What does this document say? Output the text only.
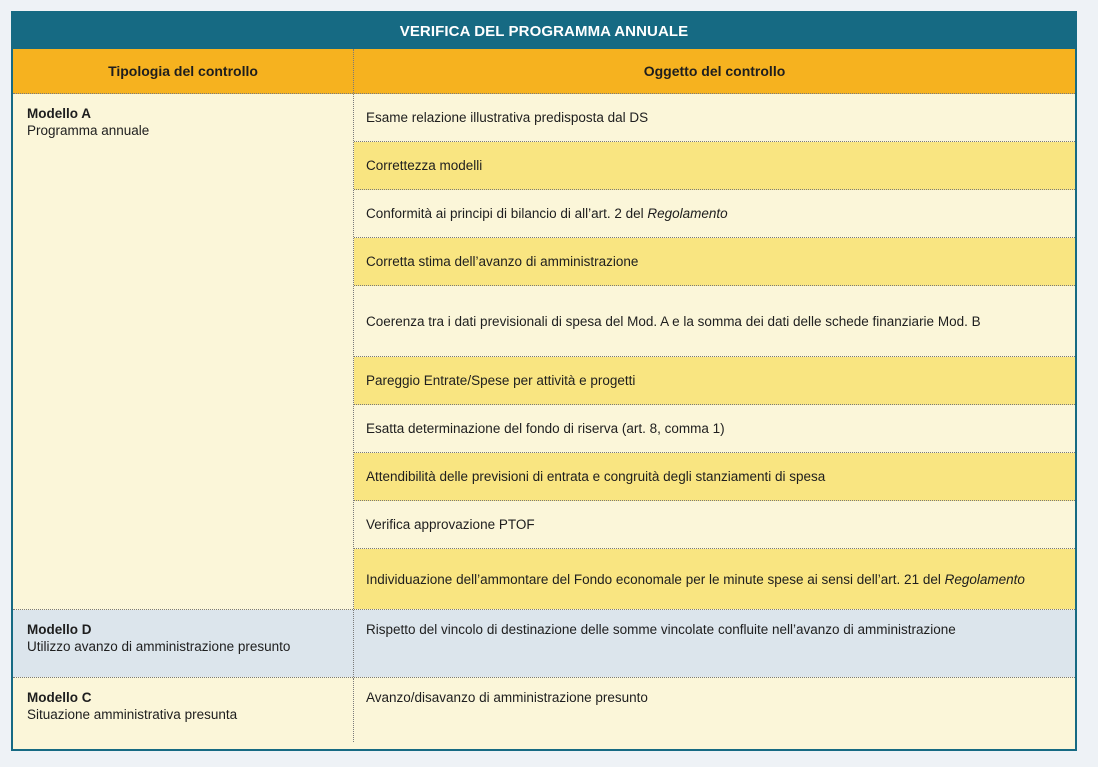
VERIFICA DEL PROGRAMMA ANNUALE
Tipologia del controllo	Oggetto del controllo
Modello A
Programma annuale
Esame relazione illustrativa predisposta dal DS
Correttezza modelli
Conformità ai principi di bilancio di all’art. 2 del Regolamento
Corretta stima dell’avanzo di amministrazione
Coerenza tra i dati previsionali di spesa del Mod. A e la somma dei dati delle schede finanziarie Mod. B
Pareggio Entrate/Spese per attività e progetti
Esatta determinazione del fondo di riserva (art. 8, comma 1)
Attendibilità delle previsioni di entrata e congruità degli stanziamenti di spesa
Verifica approvazione PTOF
Individuazione dell’ammontare del Fondo economale per le minute spese ai sensi dell’art. 21 del Regolamento
Modello D
Utilizzo avanzo di amministrazione presunto
Rispetto del vincolo di destinazione delle somme vincolate confluite nell’avanzo di amministrazione
Modello C
Situazione amministrativa presunta
Avanzo/disavanzo di amministrazione presunto
